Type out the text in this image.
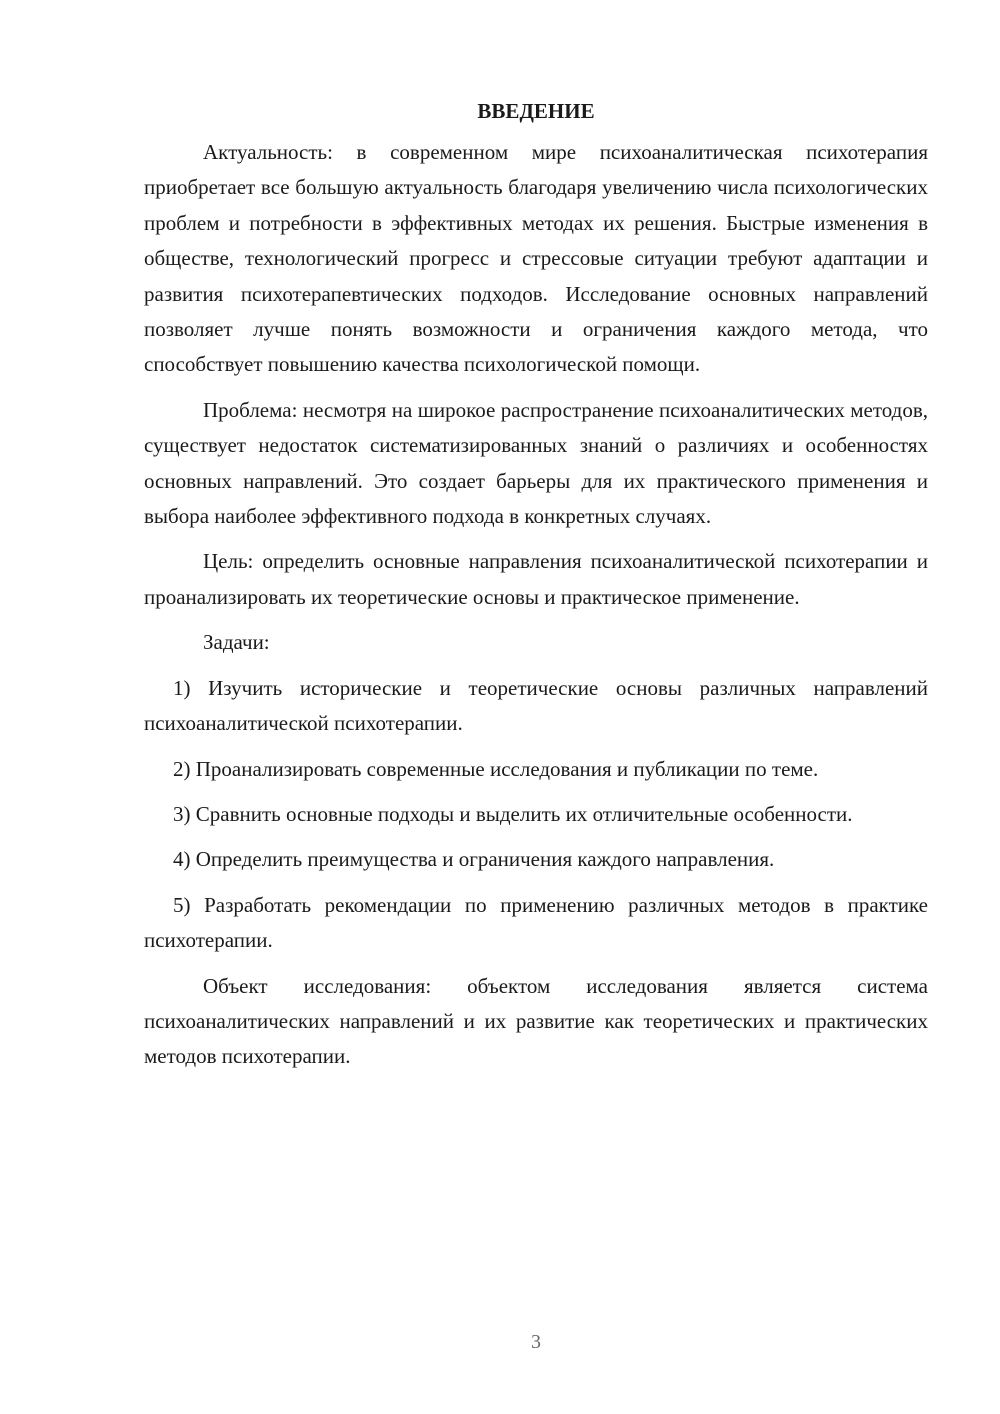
ВВЕДЕНИЕ

Актуальность: в современном мире психоаналитическая психотерапия приобретает все большую актуальность благодаря увеличению числа психологических проблем и потребности в эффективных методах их решения. Быстрые изменения в обществе, технологический прогресс и стрессовые ситуации требуют адаптации и развития психотерапевтических подходов. Исследование основных направлений позволяет лучше понять возможности и ограничения каждого метода, что способствует повышению качества психологической помощи.

Проблема: несмотря на широкое распространение психоаналитических методов, существует недостаток систематизированных знаний о различиях и особенностях основных направлений. Это создает барьеры для их практического применения и выбора наиболее эффективного подхода в конкретных случаях.

Цель: определить основные направления психоаналитической психотерапии и проанализировать их теоретические основы и практическое применение.

Задачи:

1) Изучить исторические и теоретические основы различных направлений психоаналитической психотерапии.

2) Проанализировать современные исследования и публикации по теме.

3) Сравнить основные подходы и выделить их отличительные особенности.

4) Определить преимущества и ограничения каждого направления.

5) Разработать рекомендации по применению различных методов в практике психотерапии.

Объект исследования: объектом исследования является система психоаналитических направлений и их развитие как теоретических и практических методов психотерапии.

3
